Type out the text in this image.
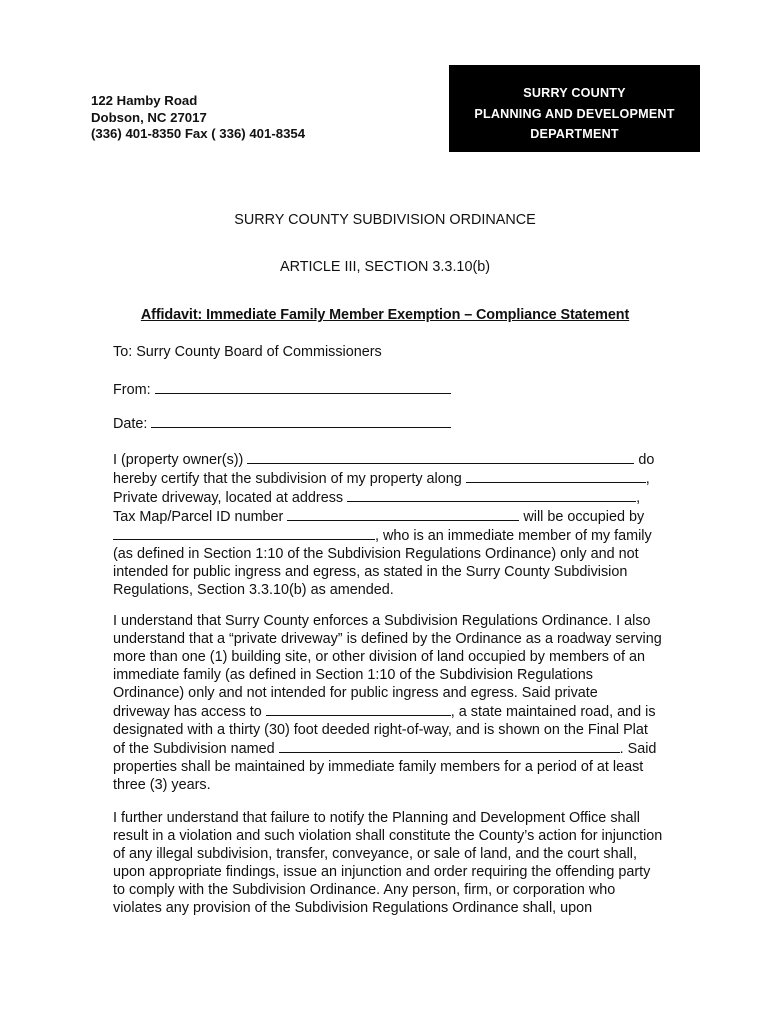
122 Hamby Road
Dobson, NC 27017
(336) 401-8350 Fax ( 336) 401-8354
SURRY COUNTY
PLANNING AND DEVELOPMENT
DEPARTMENT
SURRY COUNTY SUBDIVISION ORDINANCE
ARTICLE III, SECTION 3.3.10(b)
Affidavit: Immediate Family Member Exemption – Compliance Statement
To: Surry County Board of Commissioners
From:
Date:
I (property owner(s))	do
hereby certify that the subdivision of my property along	,
Private driveway, located at address	,
Tax Map/Parcel ID number	will be occupied by
, who is an immediate member of my family
(as defined in Section 1:10 of the Subdivision Regulations Ordinance) only and not
intended for public ingress and egress, as stated in the Surry County Subdivision
Regulations, Section 3.3.10(b) as amended.
I understand that Surry County enforces a Subdivision Regulations Ordinance. I also
understand that a “private driveway” is defined by the Ordinance as a roadway serving
more than one (1) building site, or other division of land occupied by members of an
immediate family (as defined in Section 1:10 of the Subdivision Regulations
Ordinance) only and not intended for public ingress and egress. Said private
driveway has access to	, a state maintained road, and is
designated with a thirty (30) foot deeded right-of-way, and is shown on the Final Plat
of the Subdivision named	. Said
properties shall be maintained by immediate family members for a period of at least
three (3) years.
I further understand that failure to notify the Planning and Development Office shall
result in a violation and such violation shall constitute the County’s action for injunction
of any illegal subdivision, transfer, conveyance, or sale of land, and the court shall,
upon appropriate findings, issue an injunction and order requiring the offending party
to comply with the Subdivision Ordinance. Any person, firm, or corporation who
violates any provision of the Subdivision Regulations Ordinance shall, upon
